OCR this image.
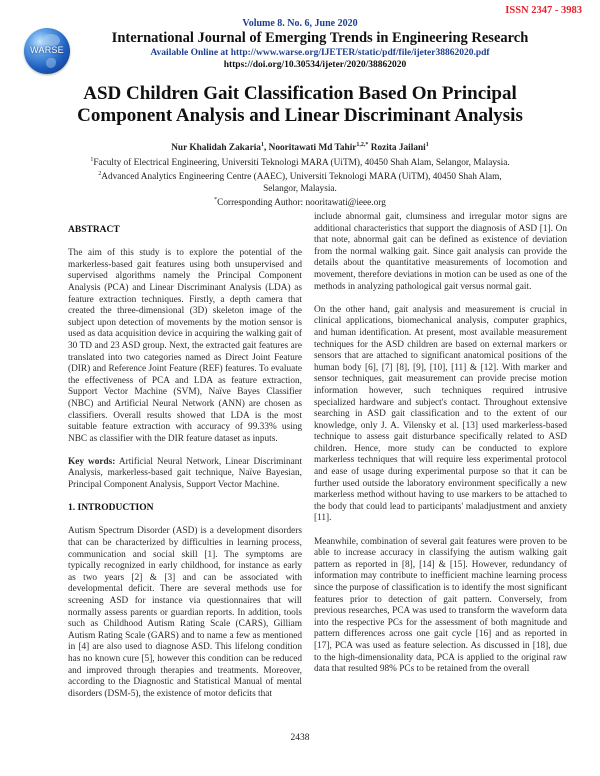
ISSN 2347 - 3983
WARSE
Volume 8. No. 6, June 2020
International Journal of Emerging Trends in Engineering Research
Available Online at http://www.warse.org/IJETER/static/pdf/file/ijeter38862020.pdf
https://doi.org/10.30534/ijeter/2020/38862020
ASD Children Gait Classification Based On Principal
Component Analysis and Linear Discriminant Analysis
Nur Khalidah Zakaria$^1$, Nooritawati Md Tahir$^{1,2,*}$ Rozita Jailani$^1$
$^1$Faculty of Electrical Engineering, Universiti Teknologi MARA (UiTM), 40450 Shah Alam, Selangor, Malaysia.
$^2$Advanced Analytics Engineering Centre (AAEC), Universiti Teknologi MARA (UiTM), 40450 Shah Alam,
Selangor, Malaysia.
*Corresponding Author: nooritawati@ieee.org
ABSTRACT

The aim of this study is to explore the potential of the markerless-based gait features using both unsupervised and supervised algorithms namely the Principal Component Analysis (PCA) and Linear Discriminant Analysis (LDA) as feature extraction techniques. Firstly, a depth camera that created the three-dimensional (3D) skeleton image of the subject upon detection of movements by the motion sensor is used as data acquisition device in acquiring the walking gait of 30 TD and 23 ASD group. Next, the extracted gait features are translated into two categories named as Direct Joint Feature (DIR) and Reference Joint Feature (REF) features. To evaluate the effectiveness of PCA and LDA as feature extraction, Support Vector Machine (SVM), Naïve Bayes Classifier (NBC) and Artificial Neural Network (ANN) are chosen as classifiers. Overall results showed that LDA is the most suitable feature extraction with accuracy of 99.33% using NBC as classifier with the DIR feature dataset as inputs.

Key words: Artificial Neural Network, Linear Discriminant Analysis, markerless-based gait technique, Naïve Bayesian, Principal Component Analysis, Support Vector Machine.

1. INTRODUCTION

Autism Spectrum Disorder (ASD) is a development disorders that can be characterized by difficulties in learning process, communication and social skill [1]. The symptoms are typically recognized in early childhood, for instance as early as two years [2] & [3] and can be associated with developmental deficit. There are several methods use for screening ASD for instance via questionnaires that will normally assess parents or guardian reports. In addition, tools such as Childhood Autism Rating Scale (CARS), Gilliam Autism Rating Scale (GARS) and to name a few as mentioned in [4] are also used to diagnose ASD. This lifelong condition has no known cure [5], however this condition can be reduced and improved through therapies and treatments. Moreover, according to the Diagnostic and Statistical Manual of mental disorders (DSM-5), the existence of motor deficits that

include abnormal gait, clumsiness and irregular motor signs are additional characteristics that support the diagnosis of ASD [1]. On that note, abnormal gait can be defined as existence of deviation from the normal walking gait. Since gait analysis can provide the details about the quantitative measurements of locomotion and movement, therefore deviations in motion can be used as one of the methods in analyzing pathological gait versus normal gait.

On the other hand, gait analysis and measurement is crucial in clinical applications, biomechanical analysis, computer graphics, and human identification. At present, most available measurement techniques for the ASD children are based on external markers or sensors that are attached to significant anatomical positions of the human body [6], [7] [8], [9], [10], [11] & [12]. With marker and sensor techniques, gait measurement can provide precise motion information however, such techniques required intrusive specialized hardware and subject's contact. Throughout extensive searching in ASD gait classification and to the extent of our knowledge, only J. A. Vilensky et al. [13] used markerless-based technique to assess gait disturbance specifically related to ASD children. Hence, more study can be conducted to explore markerless techniques that will require less experimental protocol and ease of usage during experimental purpose so that it can be further used outside the laboratory environment specifically a new markerless method without having to use markers to be attached to the body that could lead to participants' maladjustment and anxiety [11].

Meanwhile, combination of several gait features were proven to be able to increase accuracy in classifying the autism walking gait pattern as reported in [8], [14] & [15]. However, redundancy of information may contribute to inefficient machine learning process since the purpose of classification is to identify the most significant features prior to detection of gait pattern. Conversely, from previous researches, PCA was used to transform the waveform data into the respective PCs for the assessment of both magnitude and pattern differences across one gait cycle [16] and as reported in [17], PCA was used as feature selection. As discussed in [18], due to the high-dimensionality data, PCA is applied to the original raw data that resulted 98% PCs to be retained from the overall

2438
